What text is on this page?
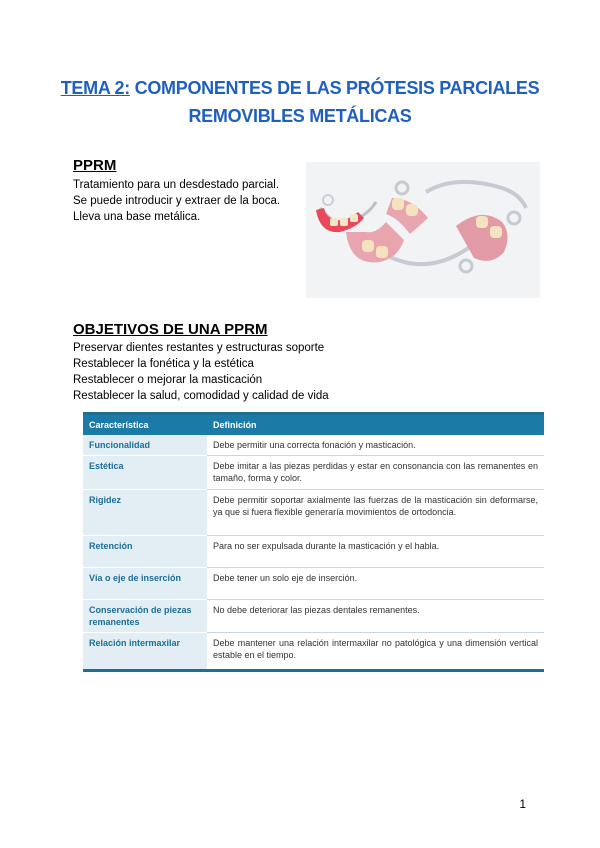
TEMA 2: COMPONENTES DE LAS PRÓTESIS PARCIALES
REMOVIBLES METÁLICAS
PPRM
Tratamiento para un desdestado parcial.
Se puede introducir y extraer de la boca.
Lleva una base metálica.
OBJETIVOS DE UNA PPRM
Preservar dientes restantes y estructuras soporte
Restablecer la fonética y la estética
Restablecer o mejorar la masticación
Restablecer la salud, comodidad y calidad de vida
Característica	Definición
Funcionalidad	Debe permitir una correcta fonación y masticación.
Estética	Debe imitar a las piezas perdidas y estar en consonancia con las remanentes en tamaño, forma y color.
Rigidez	Debe permitir soportar axialmente las fuerzas de la masticación sin deformarse, ya que si fuera flexible generaría movimientos de ortodoncia.
Retención	Para no ser expulsada durante la masticación y el habla.
Vía o eje de inserción	Debe tener un solo eje de inserción.
Conservación de piezas remanentes	No debe deteriorar las piezas dentales remanentes.
Relación intermaxilar	Debe mantener una relación intermaxilar no patológica y una dimensión vertical estable en el tiempo.
1
